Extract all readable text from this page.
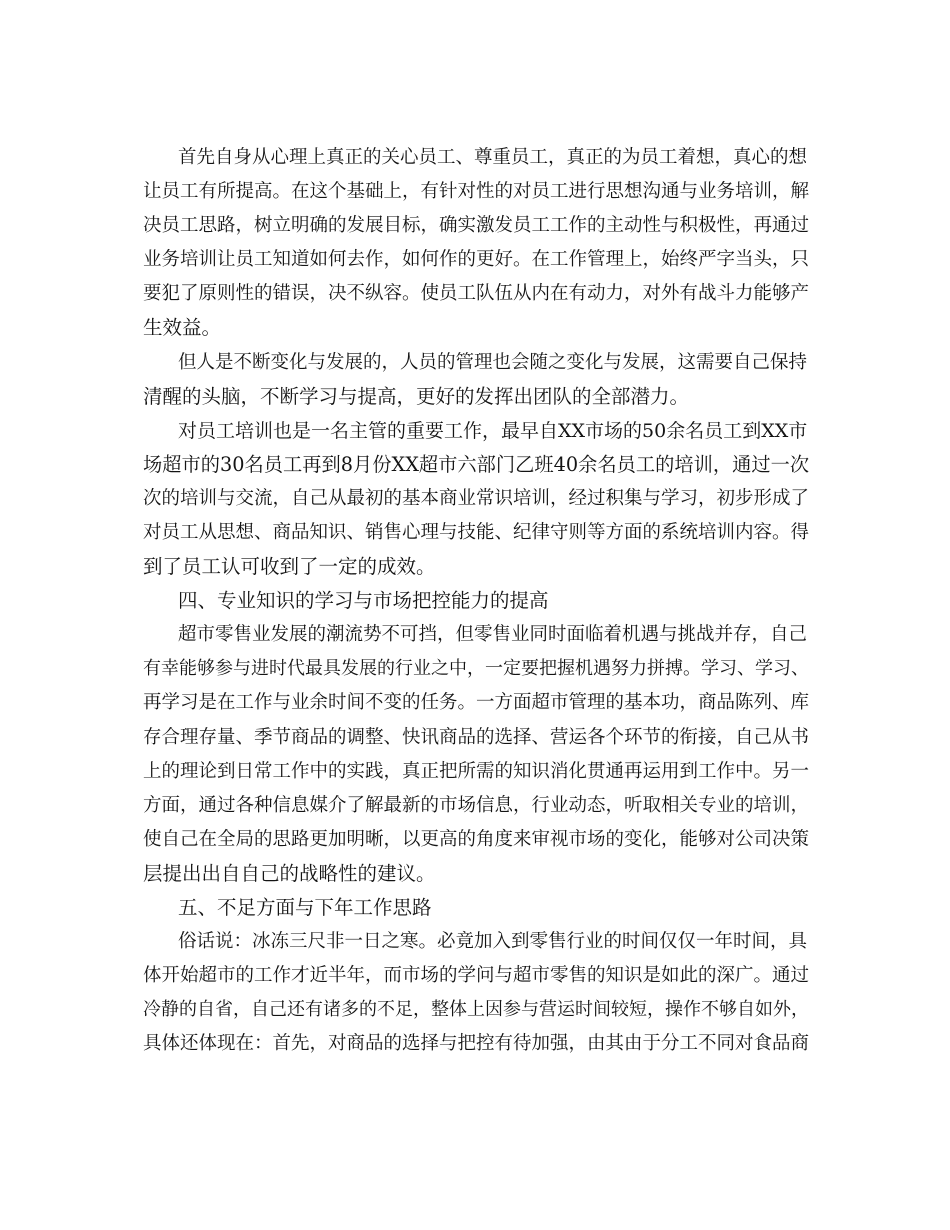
首先自身从心理上真正的关心员工、尊重员工，真正的为员工着想，真心的想

让员工有所提高。在这个基础上，有针对性的对员工进行思想沟通与业务培训，解

决员工思路，树立明确的发展目标，确实激发员工工作的主动性与积极性，再通过

业务培训让员工知道如何去作，如何作的更好。在工作管理上，始终严字当头，只

要犯了原则性的错误，决不纵容。使员工队伍从内在有动力，对外有战斗力能够产

生效益。

但人是不断变化与发展的，人员的管理也会随之变化与发展，这需要自己保持

清醒的头脑，不断学习与提高，更好的发挥出团队的全部潜力。

对员工培训也是一名主管的重要工作，最早自XX市场的50余名员工到XX市

场超市的30名员工再到8月份XX超市六部门乙班40余名员工的培训，通过一次

次的培训与交流，自己从最初的基本商业常识培训，经过积集与学习，初步形成了

对员工从思想、商品知识、销售心理与技能、纪律守则等方面的系统培训内容。得

到了员工认可收到了一定的成效。

四、专业知识的学习与市场把控能力的提高

超市零售业发展的潮流势不可挡，但零售业同时面临着机遇与挑战并存，自己

有幸能够参与进时代最具发展的行业之中，一定要把握机遇努力拼搏。学习、学习、

再学习是在工作与业余时间不变的任务。一方面超市管理的基本功，商品陈列、库

存合理存量、季节商品的调整、快讯商品的选择、营运各个环节的衔接，自己从书

上的理论到日常工作中的实践，真正把所需的知识消化贯通再运用到工作中。另一

方面，通过各种信息媒介了解最新的市场信息，行业动态，听取相关专业的培训，

使自己在全局的思路更加明晰，以更高的角度来审视市场的变化，能够对公司决策

层提出出自自己的战略性的建议。

五、不足方面与下年工作思路

俗话说：冰冻三尺非一日之寒。必竟加入到零售行业的时间仅仅一年时间，具

体开始超市的工作才近半年，而市场的学问与超市零售的知识是如此的深广。通过

冷静的自省，自己还有诸多的不足，整体上因参与营运时间较短，操作不够自如外，

具体还体现在：首先，对商品的选择与把控有待加强，由其由于分工不同对食品商
